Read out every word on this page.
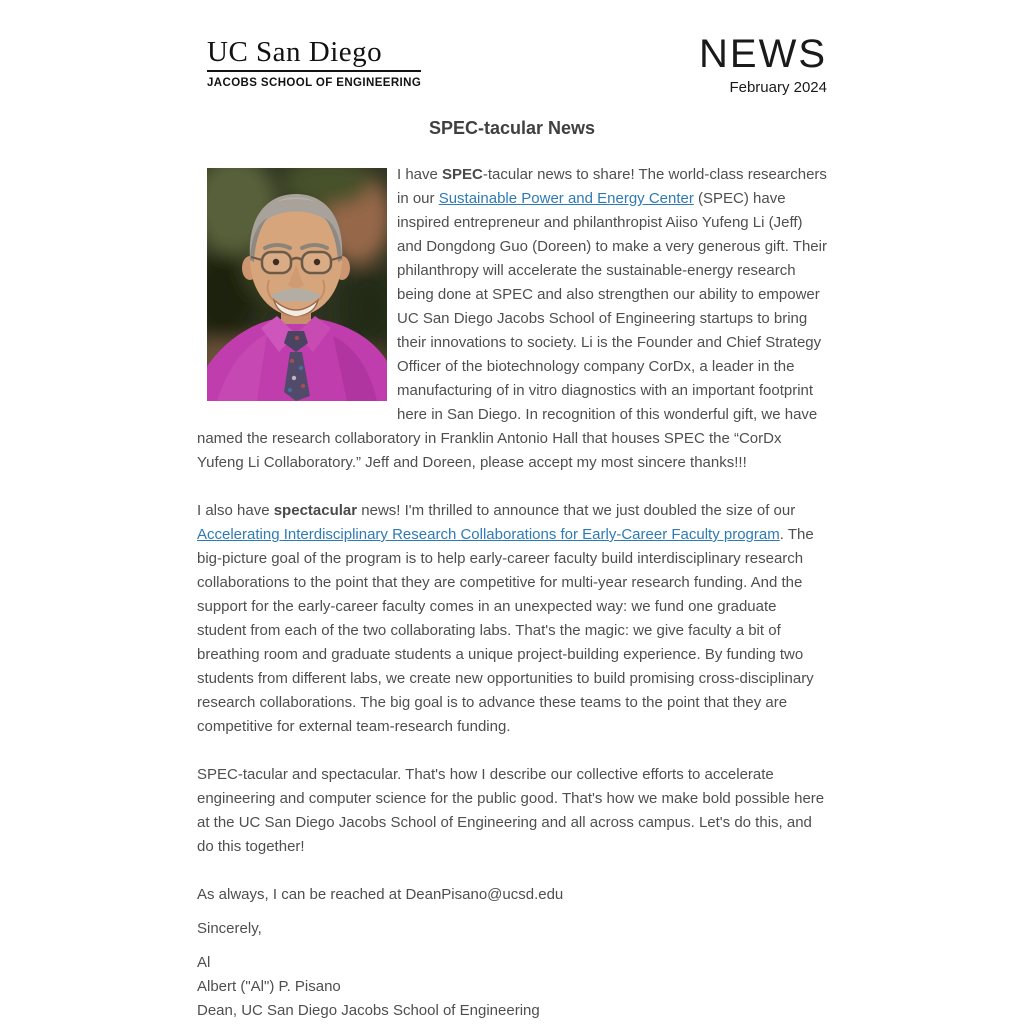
UC San Diego
JACOBS SCHOOL OF ENGINEERING
NEWS
February 2024
SPEC-tacular News

I have SPEC-tacular news to share! The world-class researchers in our Sustainable Power and Energy Center (SPEC) have inspired entrepreneur and philanthropist Aiiso Yufeng Li (Jeff) and Dongdong Guo (Doreen) to make a very generous gift. Their philanthropy will accelerate the sustainable-energy research being done at SPEC and also strengthen our ability to empower UC San Diego Jacobs School of Engineering startups to bring their innovations to society. Li is the Founder and Chief Strategy Officer of the biotechnology company CorDx, a leader in the manufacturing of in vitro diagnostics with an important footprint here in San Diego. In recognition of this wonderful gift, we have named the research collaboratory in Franklin Antonio Hall that houses SPEC the “CorDx Yufeng Li Collaboratory.” Jeff and Doreen, please accept my most sincere thanks!!!

I also have spectacular news! I'm thrilled to announce that we just doubled the size of our Accelerating Interdisciplinary Research Collaborations for Early-Career Faculty program. The big-picture goal of the program is to help early-career faculty build interdisciplinary research collaborations to the point that they are competitive for multi-year research funding. And the support for the early-career faculty comes in an unexpected way: we fund one graduate student from each of the two collaborating labs. That's the magic: we give faculty a bit of breathing room and graduate students a unique project-building experience. By funding two students from different labs, we create new opportunities to build promising cross-disciplinary research collaborations. The big goal is to advance these teams to the point that they are competitive for external team-research funding.

SPEC-tacular and spectacular. That's how I describe our collective efforts to accelerate engineering and computer science for the public good. That's how we make bold possible here at the UC San Diego Jacobs School of Engineering and all across campus. Let's do this, and do this together!

As always, I can be reached at DeanPisano@ucsd.edu

Sincerely,
Al
Albert ("Al") P. Pisano
Dean, UC San Diego Jacobs School of Engineering
